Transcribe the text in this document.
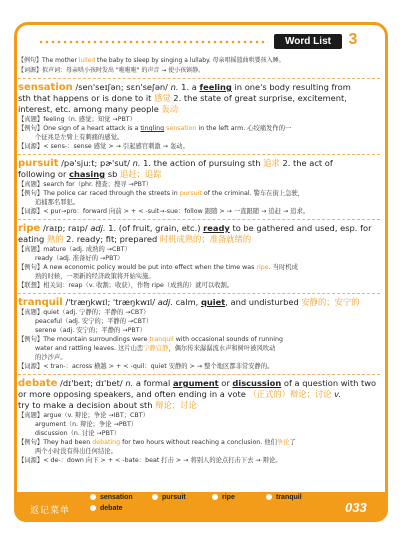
Word List	3
【例句】The mother lulled the baby to sleep by singing a lullaby. 母亲唱摇篮曲哄婴孩入睡。
【词源】拟声词：母亲哄小孩时发出 "啦啦啦" 的声音 → 使小孩镇静。
sensation /sen'seɪʃən; sɛn'seʃən/ n. 1. a feeling in one's body resulting from
sth that happens or is done to it 感觉 2. the state of great surprise, excitement,
interest, etc. among many people 轰动
【真题】feeling（n. 感觉；知觉 →PBT）
【例句】One sign of a heart attack is a tingling sensation in the left arm. 心绞痛发作的一
个征兆是左臂上有刺痛的感觉。
【词源】< sens-：sense 感觉 > → 引起感官刺激 → 轰动。
pursuit /pə'sjuːt; pɚ'sut/ n. 1. the action of pursuing sth 追求 2. the act of
following or chasing sb 追赶；追踪
【真题】search for（phr. 搜查；搜寻 →PBT）
【例句】The police car raced through the streets in pursuit of the criminal. 警车在街上急驶，
追捕那名罪犯。
【词源】< pur→pro：forward 向前 > + < -suit→-sue：follow 跟随 > → 一直跟随 → 追赶 → 追求。
ripe /raɪp; raɪp/ adj. 1. (of fruit, grain, etc.) ready to be gathered and used, esp. for
eating 熟的 2. ready; fit; prepared 时机成熟的；准备就绪的
【真题】mature（adj. 成熟的 →CBT）
ready（adj. 准备好的 →PBT）
【例句】A new economic policy would be put into effect when the time was ripe. 当时机成
熟的时候，一项新的经济政策将开始实施。
【联想】相关词：reap（v. 收割；收获），作物 ripe（成熟的）就可以收割。
tranquil /'træŋkwɪl; 'træŋkwɪl/ adj. calm, quiet, and undisturbed 安静的；安宁的
【真题】quiet（adj. 宁静的；平静的 →CBT）
peaceful（adj. 安宁的；平静的 →CBT）
serene（adj. 安宁的；平静的 →PBT）
【例句】The mountain surroundings were tranquil with occasional sounds of running
water and rattling leaves. 这片山峦宁静宜静，偶尔传来潺潺流水声和树叶被风吹动
的沙沙声。
【词源】< tran-：across 横越 > + < -quil：quiet 安静的 > → 整个地区都非常安静的。
debate /dɪ'beɪt; dɪ'bet/ n. a formal argument or discussion of a question with two
or more opposing speakers, and often ending in a vote （正式的）辩论；讨论 v.
try to make a decision about sth 辩论；讨论
【真题】argue（v. 辩论；争论 →IBT；CBT）
argument（n. 辩论；争论 →PBT）
discussion（n. 讨论 →PBT）
【例句】They had been debating for two hours without reaching a conclusion. 他们争论了
两个小时没有得出任何结论。
【词源】< de-：down 向下 > + < -bate：beat 打击 > → 将别人的论点打击下去 → 辩论。
返记菜单
sensation	pursuit	ripe	tranquil
debate	033
